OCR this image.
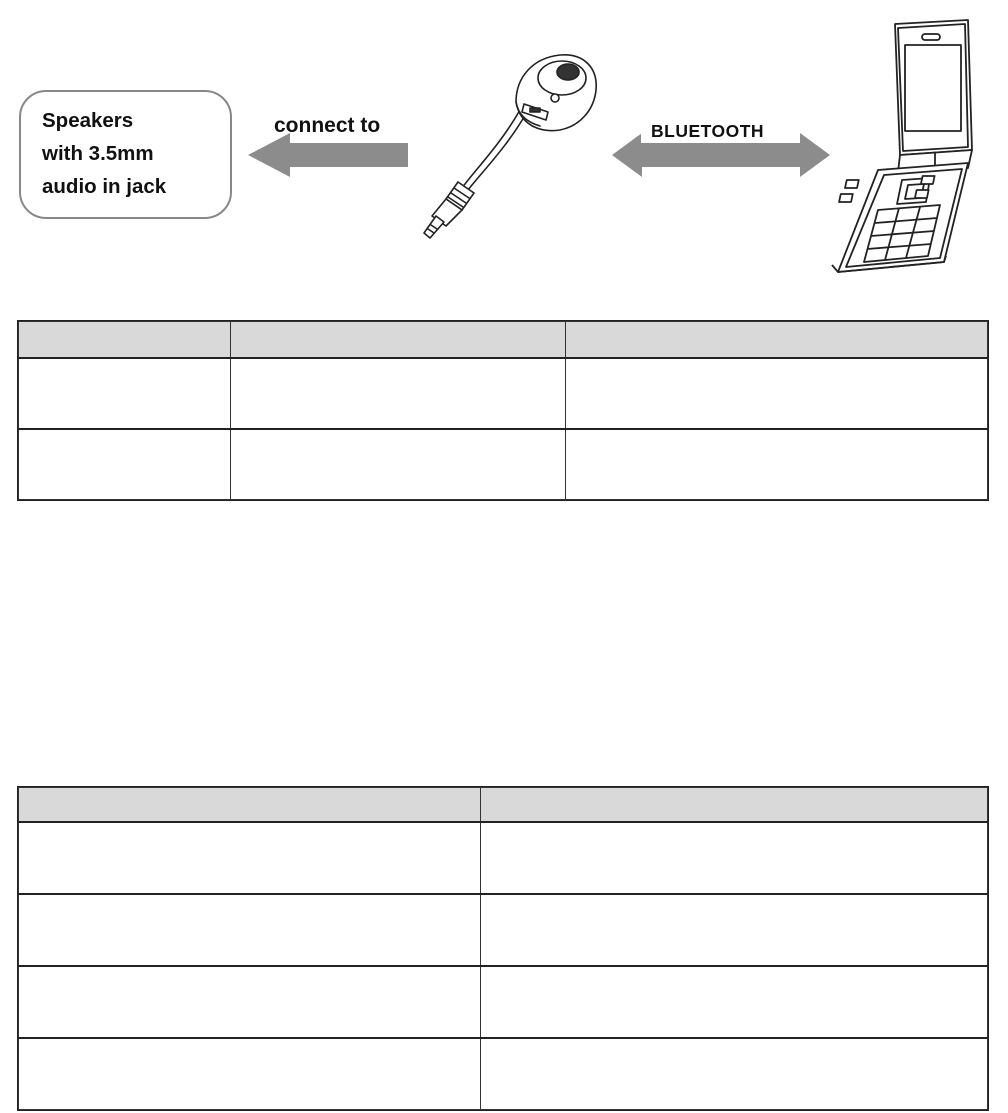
Speakers
with 3.5mm
audio in jack
connect to	BLUETOOTH
